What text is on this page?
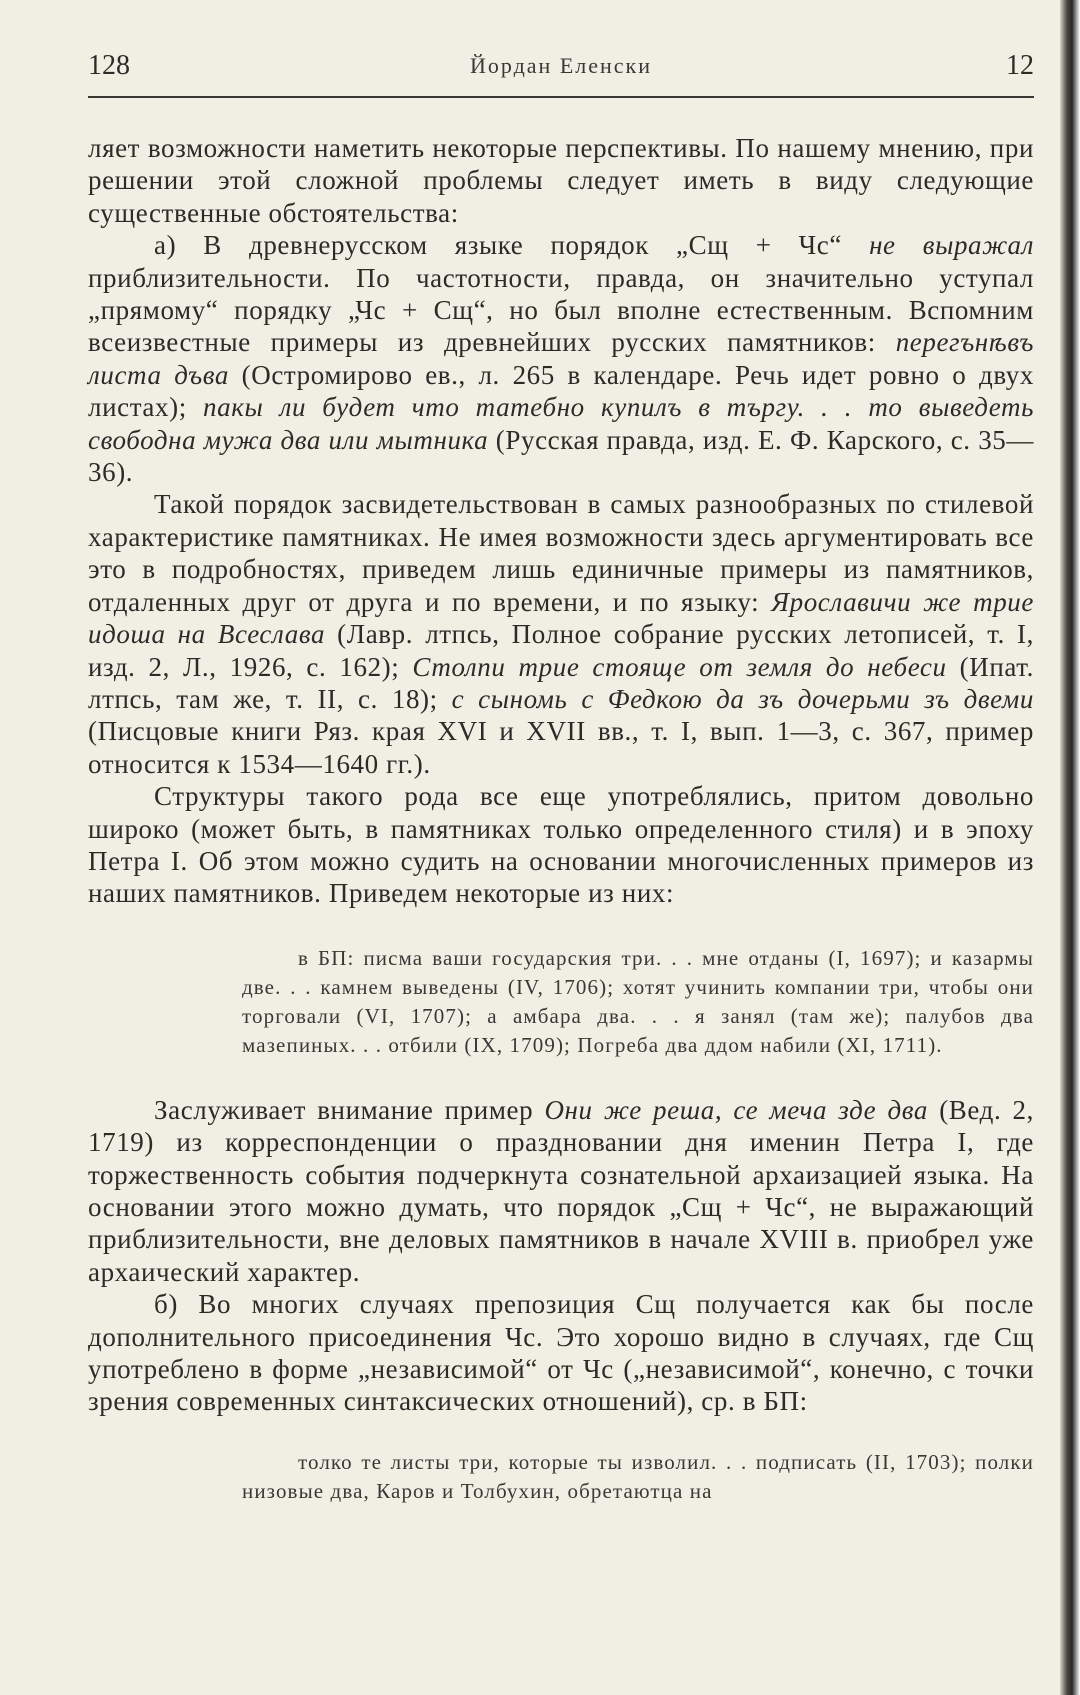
128	Йордан Еленски	12

ляет возможности наметить некоторые перспективы. По нашему мнению, при решении этой сложной проблемы следует иметь в виду следующие существенные обстоятельства:

а) В древнерусском языке порядок „Сщ + Чс“ не выражал приблизительности. По частотности, правда, он значительно уступал „прямому“ порядку „Чс + Сщ“, но был вполне естественным. Вспомним всеизвестные примеры из древнейших русских памятников: перегънѣвъ листа дъва (Остромирово ев., л. 265 в календаре. Речь идет ровно о двух листах); пакы ли будет что татебно купилъ в търгу. . . то выведеть свободна мужа два или мытника (Русская правда, изд. Е. Ф. Карского, с. 35—36).

Такой порядок засвидетельствован в самых разнообразных по стилевой характеристике памятниках. Не имея возможности здесь аргументировать все это в подробностях, приведем лишь единичные примеры из памятников, отдаленных друг от друга и по времени, и по языку: Ярославичи же трие идоша на Всеслава (Лавр. лтпсь, Полное собрание русских летописей, т. I, изд. 2, Л., 1926, с. 162); Столпи трие стояще от земля до небеси (Ипат. лтпсь, там же, т. II, с. 18); с сыномь с Федкою да зъ дочерьми зъ двеми (Писцовые книги Ряз. края XVI и XVII вв., т. I, вып. 1—3, с. 367, пример относится к 1534—1640 гг.).

Структуры такого рода все еще употреблялись, притом довольно широко (может быть, в памятниках только определенного стиля) и в эпоху Петра I. Об этом можно судить на основании многочисленных примеров из наших памятников. Приведем некоторые из них:

в БП: писма ваши государския три. . . мне отданы (I, 1697); и казармы две. . . камнем выведены (IV, 1706); хотят учинить компании три, чтобы они торговали (VI, 1707); а амбара два. . . я занял (там же); палубов два мазепиных. . . отбили (IX, 1709); Погреба два ддом набили (XI, 1711).

Заслуживает внимание пример Они же реша, се меча зде два (Вед. 2, 1719) из корреспонденции о праздновании дня именин Петра I, где торжественность события подчеркнута сознательной архаизацией языка. На основании этого можно думать, что порядок „Сщ + Чс“, не выражающий приблизительности, вне деловых памятников в начале XVIII в. приобрел уже архаический характер.

б) Во многих случаях препозиция Сщ получается как бы после дополнительного присоединения Чс. Это хорошо видно в случаях, где Сщ употреблено в форме „независимой“ от Чс („независимой“, конечно, с точки зрения современных синтаксических отношений), ср. в БП:

толко те листы три, которые ты изволил. . . подписать (II, 1703); полки низовые два, Каров и Толбухин, обретаютца на
